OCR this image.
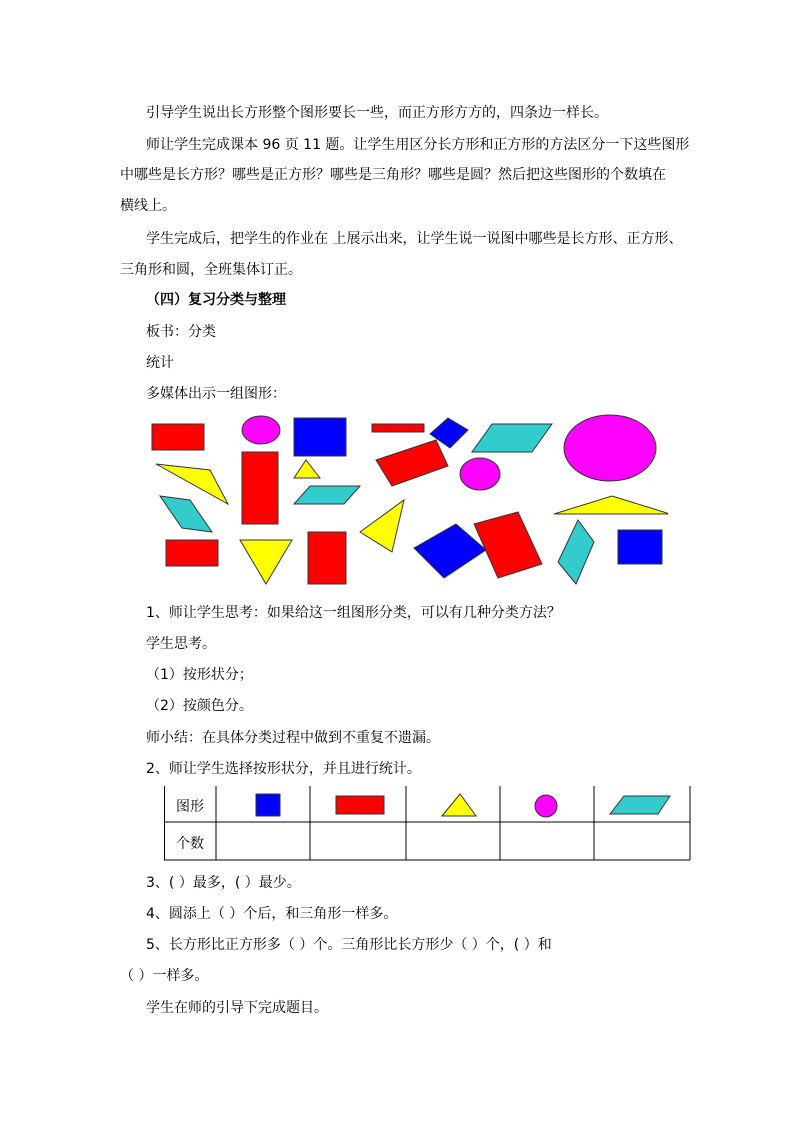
引导学生说出长方形整个图形要长一些，而正方形方方的，四条边一样长。
师让学生完成课本 96 页 11 题。让学生用区分长方形和正方形的方法区分一下这些图形
中哪些是长方形？哪些是正方形？哪些是三角形？哪些是圆？然后把这些图形的个数填在
横线上。
学生完成后，把学生的作业在 上展示出来，让学生说一说图中哪些是长方形、正方形、
三角形和圆，全班集体订正。
（四）复习分类与整理
板书：分类
统计
多媒体出示一组图形：
1、师让学生思考：如果给这一组图形分类，可以有几种分类方法？
学生思考。
（1）按形状分；
（2）按颜色分。
师小结：在具体分类过程中做到不重复不遗漏。
2、师让学生选择按形状分，并且进行统计。
图形
个数
3、( ）最多，( ）最少。
4、圆添上（ ）个后，和三角形一样多。
5、长方形比正方形多（ ）个。三角形比长方形少（ ）个，( ）和
（ ）一样多。
学生在师的引导下完成题目。
